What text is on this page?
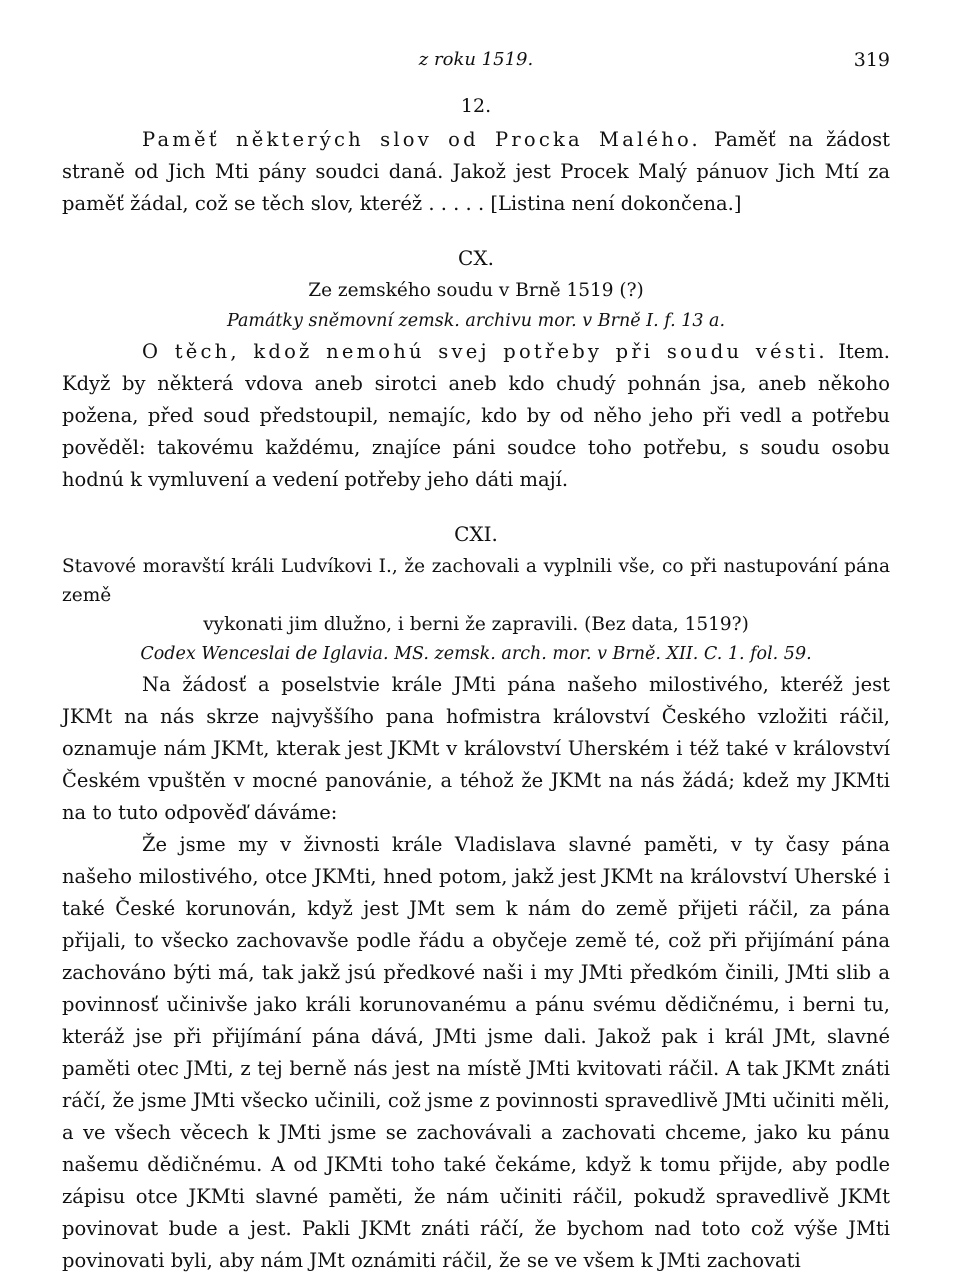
z roku 1519.	319
12.

Paměť některých slov od Procka Malého. Paměť na žádost straně od Jich Mti pány soudci daná. Jakož jest Procek Malý pánuov Jich Mtí za paměť žádal, což se těch slov, kteréž . . . . . [Listina není dokončena.]

CX.
Ze zemského soudu v Brně 1519 (?)
Památky sněmovní zemsk. archivu mor. v Brně I. f. 13 a.

O těch, kdož nemohú svej potřeby při soudu vésti. Item. Když by některá vdova aneb sirotci aneb kdo chudý pohnán jsa, aneb někoho požena, před soud předstoupil, nemajíc, kdo by od něho jeho při vedl a potřebu pověděl: takovému každému, znajíce páni soudce toho potřebu, s soudu osobu hodnú k vymluvení a vedení potřeby jeho dáti mají.

CXI.
Stavové moravští králi Ludvíkovi I., že zachovali a vyplnili vše, co při nastupování pána země
vykonati jim dlužno, i berni že zapravili. (Bez data, 1519?)
Codex Wenceslai de Iglavia. MS. zemsk. arch. mor. v Brně. XII. C. 1. fol. 59.

Na žádosť a poselstvie krále JMti pána našeho milostivého, kteréž jest JKMt na nás skrze najvyššího pana hofmistra království Českého vzložiti ráčil, oznamuje nám JKMt, kterak jest JKMt v království Uherském i též také v království Českém vpuštěn v mocné panovánie, a téhož že JKMt na nás žádá; kdež my JKMti na to tuto odpověď dáváme:

Že jsme my v živnosti krále Vladislava slavné paměti, v ty časy pána našeho milostivého, otce JKMti, hned potom, jakž jest JKMt na království Uherské i také České korunován, když jest JMt sem k nám do země přijeti ráčil, za pána přijali, to všecko zachovavše podle řádu a obyčeje země té, což při přijímání pána zachováno býti má, tak jakž jsú předkové naši i my JMti předkóm činili, JMti slib a povinnosť učinivše jako králi korunovanému a pánu svému dědičnému, i berni tu, kteráž jse při přijímání pána dává, JMti jsme dali. Jakož pak i král JMt, slavné paměti otec JMti, z tej berně nás jest na místě JMti kvitovati ráčil. A tak JKMt znáti ráčí, že jsme JMti všecko učinili, což jsme z povinnosti spravedlivě JMti učiniti měli, a ve všech věcech k JMti jsme se zachovávali a zachovati chceme, jako ku pánu našemu dědičnému. A od JKMti toho také čekáme, když k tomu přijde, aby podle zápisu otce JKMti slavné paměti, že nám učiniti ráčil, pokudž spravedlivě JKMt povinovat bude a jest. Pakli JKMt znáti ráčí, že bychom nad toto což výše JMti povinovati byli, aby nám JMt oznámiti ráčil, že se ve všem k JMti zachovati
